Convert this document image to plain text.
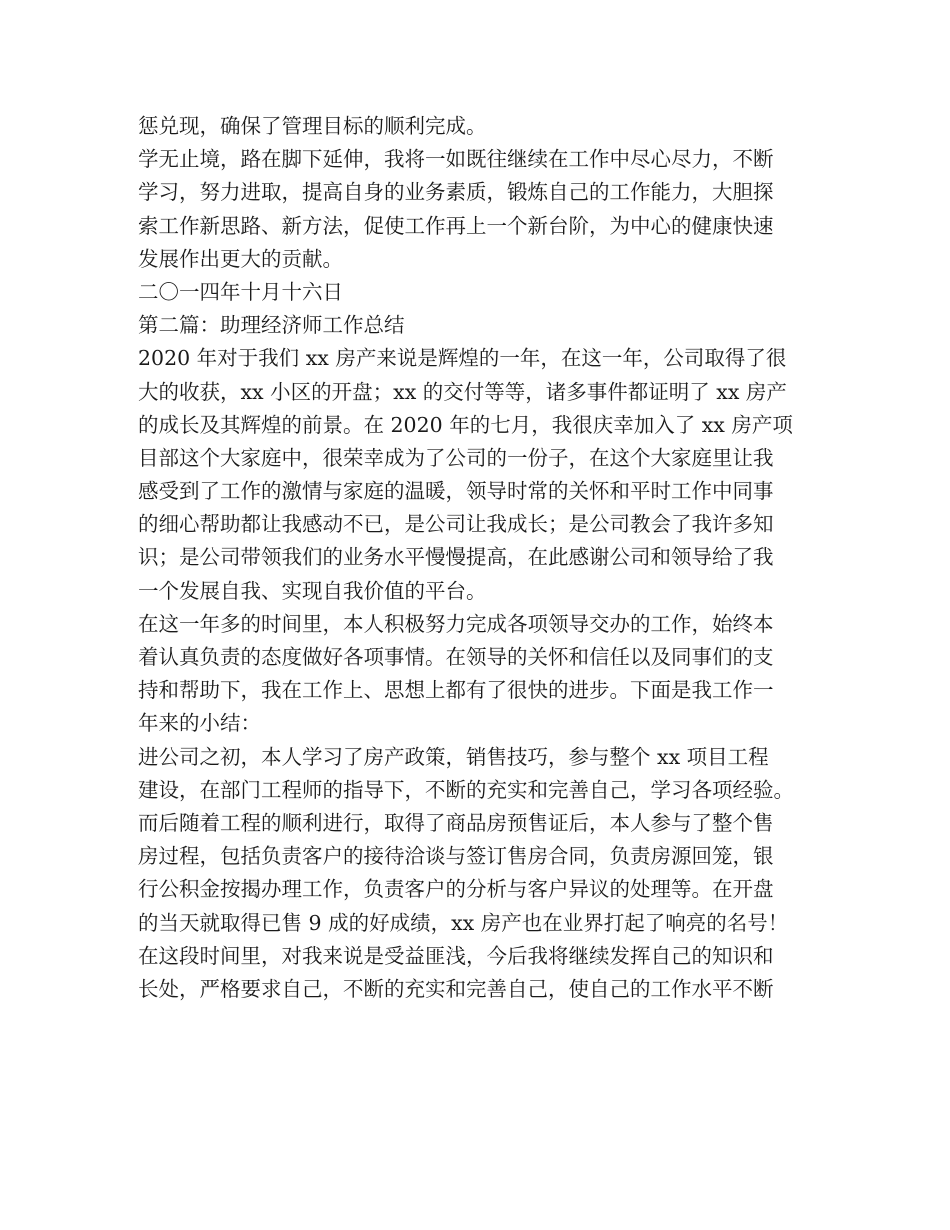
惩兑现，确保了管理目标的顺利完成。
学无止境，路在脚下延伸，我将一如既往继续在工作中尽心尽力，不断
学习，努力进取，提高自身的业务素质，锻炼自己的工作能力，大胆探
索工作新思路、新方法，促使工作再上一个新台阶，为中心的健康快速
发展作出更大的贡献。
二〇一四年十月十六日
第二篇：助理经济师工作总结
2020 年对于我们 xx 房产来说是辉煌的一年，在这一年，公司取得了很
大的收获，xx 小区的开盘；xx 的交付等等，诸多事件都证明了 xx 房产
的成长及其辉煌的前景。在 2020 年的七月，我很庆幸加入了 xx 房产项
目部这个大家庭中，很荣幸成为了公司的一份子，在这个大家庭里让我
感受到了工作的激情与家庭的温暖，领导时常的关怀和平时工作中同事
的细心帮助都让我感动不已，是公司让我成长；是公司教会了我许多知
识；是公司带领我们的业务水平慢慢提高，在此感谢公司和领导给了我
一个发展自我、实现自我价值的平台。
在这一年多的时间里，本人积极努力完成各项领导交办的工作，始终本
着认真负责的态度做好各项事情。在领导的关怀和信任以及同事们的支
持和帮助下，我在工作上、思想上都有了很快的进步。下面是我工作一
年来的小结：
进公司之初，本人学习了房产政策，销售技巧，参与整个 xx 项目工程
建设，在部门工程师的指导下，不断的充实和完善自己，学习各项经验。
而后随着工程的顺利进行，取得了商品房预售证后，本人参与了整个售
房过程，包括负责客户的接待洽谈与签订售房合同，负责房源回笼，银
行公积金按揭办理工作，负责客户的分析与客户异议的处理等。在开盘
的当天就取得已售 9 成的好成绩，xx 房产也在业界打起了响亮的名号！
在这段时间里，对我来说是受益匪浅，今后我将继续发挥自己的知识和
长处，严格要求自己，不断的充实和完善自己，使自己的工作水平不断
